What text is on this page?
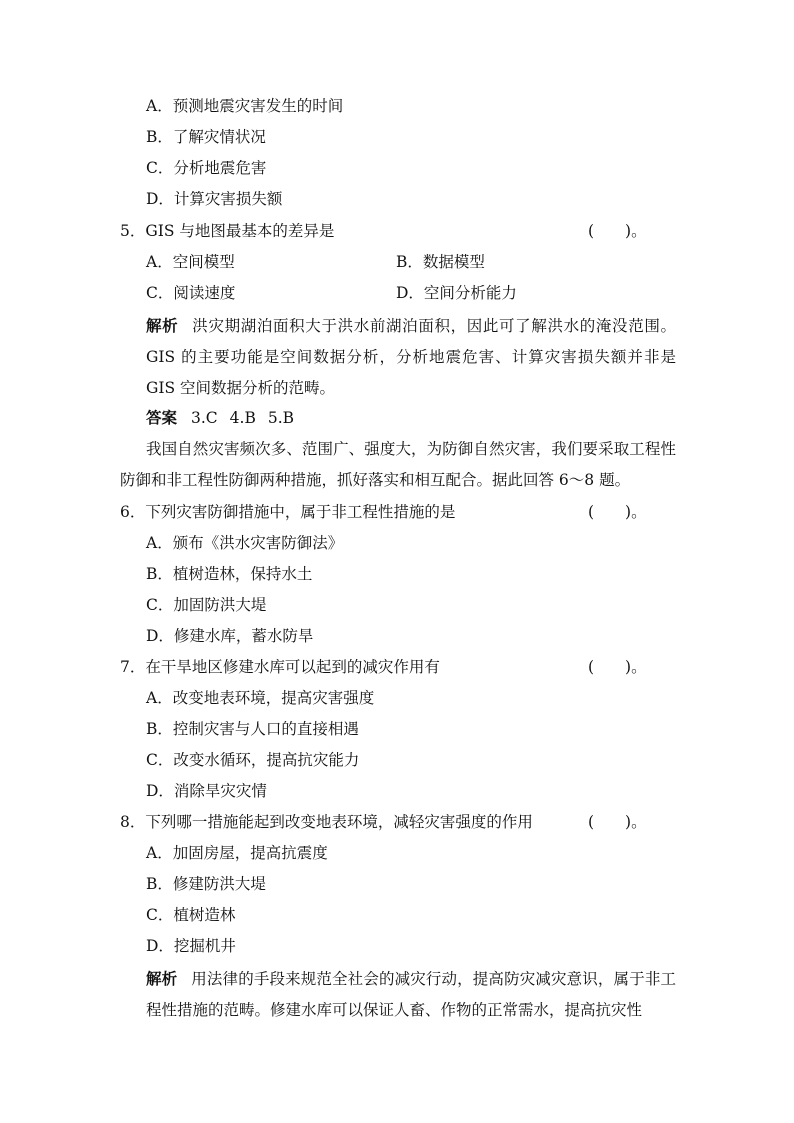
A．预测地震灾害发生的时间
B．了解灾情状况
C．分析地震危害
D．计算灾害损失额
5．GIS 与地图最基本的差异是	(　　)。
A．空间模型	B．数据模型
C．阅读速度	D．空间分析能力
解析 洪灾期湖泊面积大于洪水前湖泊面积，因此可了解洪水的淹没范围。GIS 的主要功能是空间数据分析，分析地震危害、计算灾害损失额并非是 GIS 空间数据分析的范畴。
答案 3.C 4.B 5.B
我国自然灾害频次多、范围广、强度大，为防御自然灾害，我们要采取工程性防御和非工程性防御两种措施，抓好落实和相互配合。据此回答 6～8 题。
6．下列灾害防御措施中，属于非工程性措施的是	(　　)。
A．颁布《洪水灾害防御法》
B．植树造林，保持水土
C．加固防洪大堤
D．修建水库，蓄水防旱
7．在干旱地区修建水库可以起到的减灾作用有	(　　)。
A．改变地表环境，提高灾害强度
B．控制灾害与人口的直接相遇
C．改变水循环，提高抗灾能力
D．消除旱灾灾情
8．下列哪一措施能起到改变地表环境，减轻灾害强度的作用	(　　)。
A．加固房屋，提高抗震度
B．修建防洪大堤
C．植树造林
D．挖掘机井
解析 用法律的手段来规范全社会的减灾行动，提高防灾减灾意识，属于非工程性措施的范畴。修建水库可以保证人畜、作物的正常需水，提高抗灾性
